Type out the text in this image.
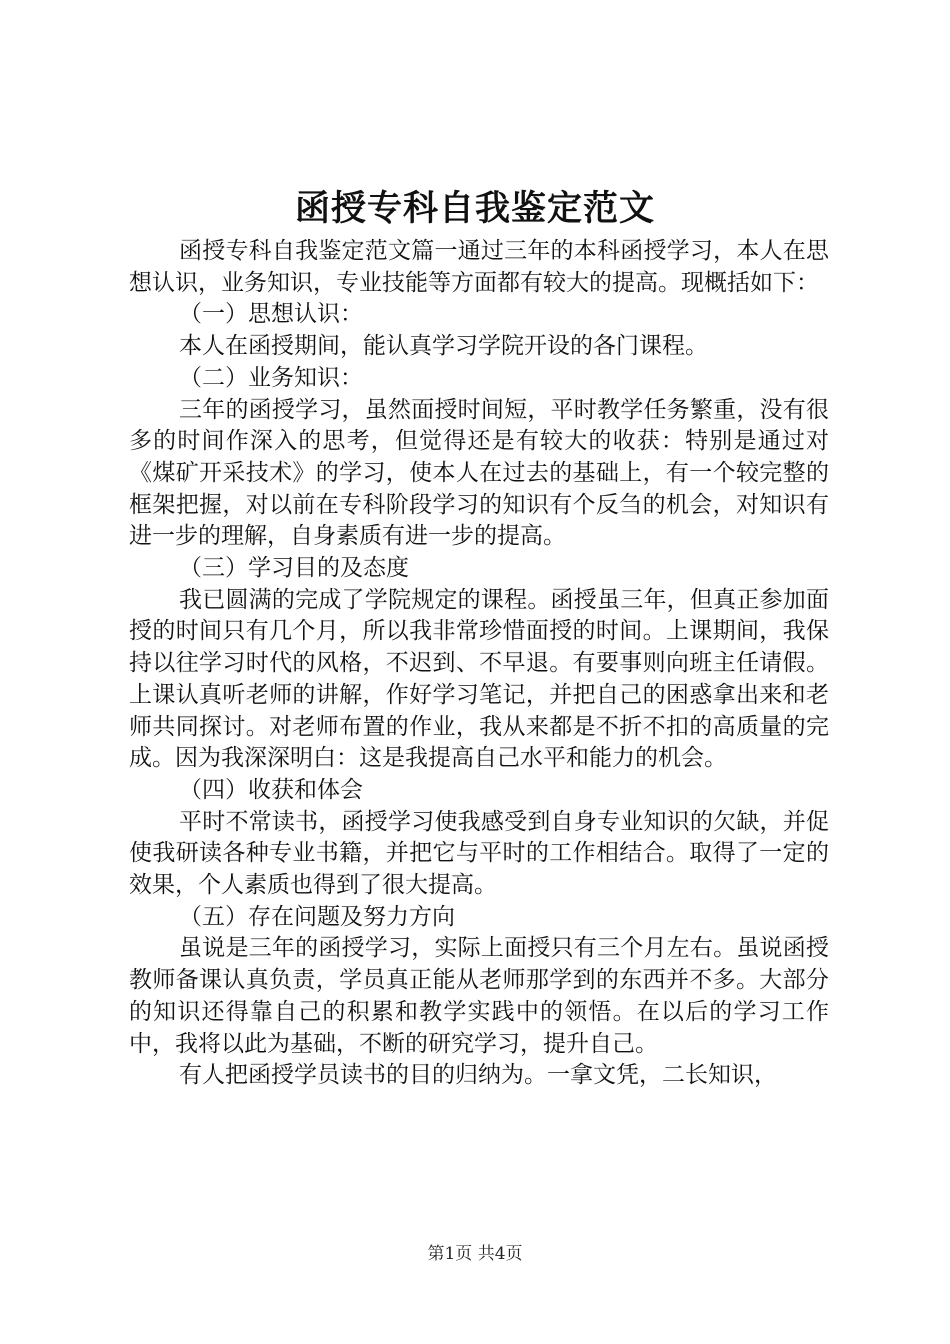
函授专科自我鉴定范文

函授专科自我鉴定范文篇一通过三年的本科函授学习，本人在思想认识，业务知识，专业技能等方面都有较大的提高。现概括如下：

（一）思想认识：

本人在函授期间，能认真学习学院开设的各门课程。

（二）业务知识：

三年的函授学习，虽然面授时间短，平时教学任务繁重，没有很多的时间作深入的思考，但觉得还是有较大的收获：特别是通过对《煤矿开采技术》的学习，使本人在过去的基础上，有一个较完整的框架把握，对以前在专科阶段学习的知识有个反刍的机会，对知识有进一步的理解，自身素质有进一步的提高。

（三）学习目的及态度

我已圆满的完成了学院规定的课程。函授虽三年，但真正参加面授的时间只有几个月，所以我非常珍惜面授的时间。上课期间，我保持以往学习时代的风格，不迟到、不早退。有要事则向班主任请假。上课认真听老师的讲解，作好学习笔记，并把自己的困惑拿出来和老师共同探讨。对老师布置的作业，我从来都是不折不扣的高质量的完成。因为我深深明白：这是我提高自己水平和能力的机会。

（四）收获和体会

平时不常读书，函授学习使我感受到自身专业知识的欠缺，并促使我研读各种专业书籍，并把它与平时的工作相结合。取得了一定的效果，个人素质也得到了很大提高。

（五）存在问题及努力方向

虽说是三年的函授学习，实际上面授只有三个月左右。虽说函授教师备课认真负责，学员真正能从老师那学到的东西并不多。大部分的知识还得靠自己的积累和教学实践中的领悟。在以后的学习工作中，我将以此为基础，不断的研究学习，提升自己。

有人把函授学员读书的目的归纳为。一拿文凭，二长知识，

第1页 共4页
